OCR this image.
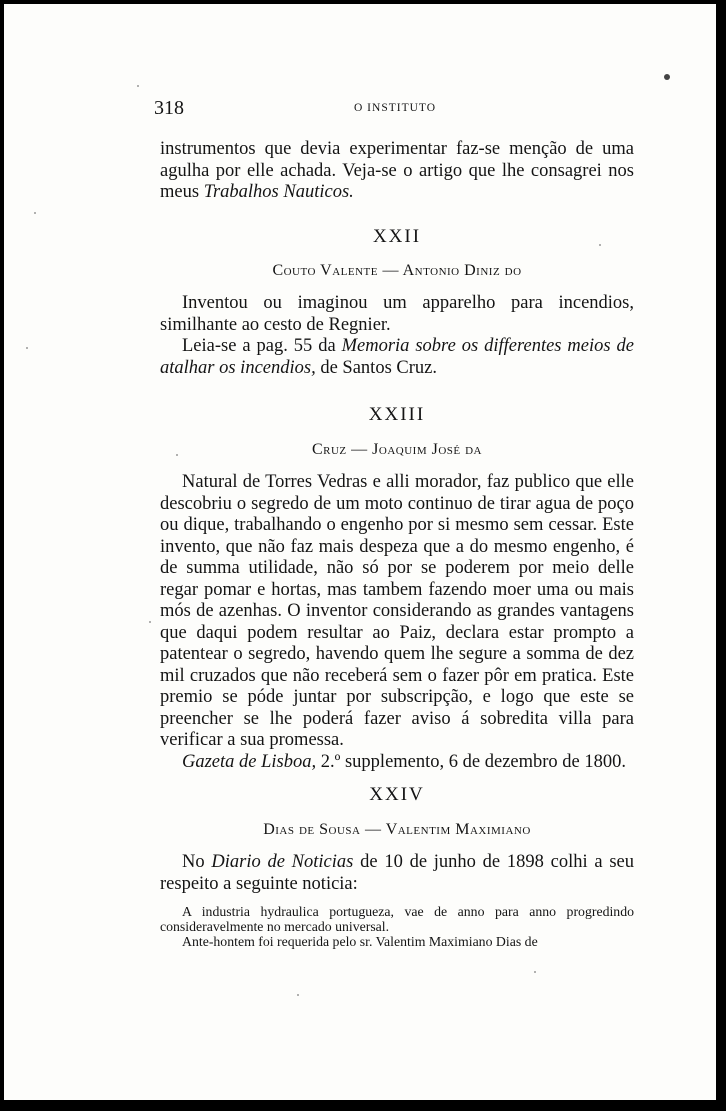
318	O INSTITUTO

instrumentos que devia experimentar faz-se menção de uma agulha por elle achada. Veja-se o artigo que lhe consagrei nos meus Trabalhos Nauticos.

XXII
Couto Valente — Antonio Diniz do

Inventou ou imaginou um apparelho para incendios, similhante ao cesto de Regnier.

Leia-se a pag. 55 da Memoria sobre os differentes meios de atalhar os incendios, de Santos Cruz.

XXIII
Cruz — Joaquim José da

Natural de Torres Vedras e alli morador, faz publico que elle descobriu o segredo de um moto continuo de tirar agua de poço ou dique, trabalhando o engenho por si mesmo sem cessar. Este invento, que não faz mais despeza que a do mesmo engenho, é de summa utilidade, não só por se poderem por meio delle regar pomar e hortas, mas tambem fazendo moer uma ou mais mós de azenhas. O inventor considerando as grandes vantagens que daqui podem resultar ao Paiz, declara estar prompto a patentear o segredo, havendo quem lhe segure a somma de dez mil cruzados que não receberá sem o fazer pôr em pratica. Este premio se póde juntar por subscripção, e logo que este se preencher se lhe poderá fazer aviso á sobredita villa para verificar a sua promessa.

Gazeta de Lisboa, 2.º supplemento, 6 de dezembro de 1800.

XXIV
Dias de Sousa — Valentim Maximiano

No Diario de Noticias de 10 de junho de 1898 colhi a seu respeito a seguinte noticia:

A industria hydraulica portugueza, vae de anno para anno progredindo consideravelmente no mercado universal.

Ante-hontem foi requerida pelo sr. Valentim Maximiano Dias de
